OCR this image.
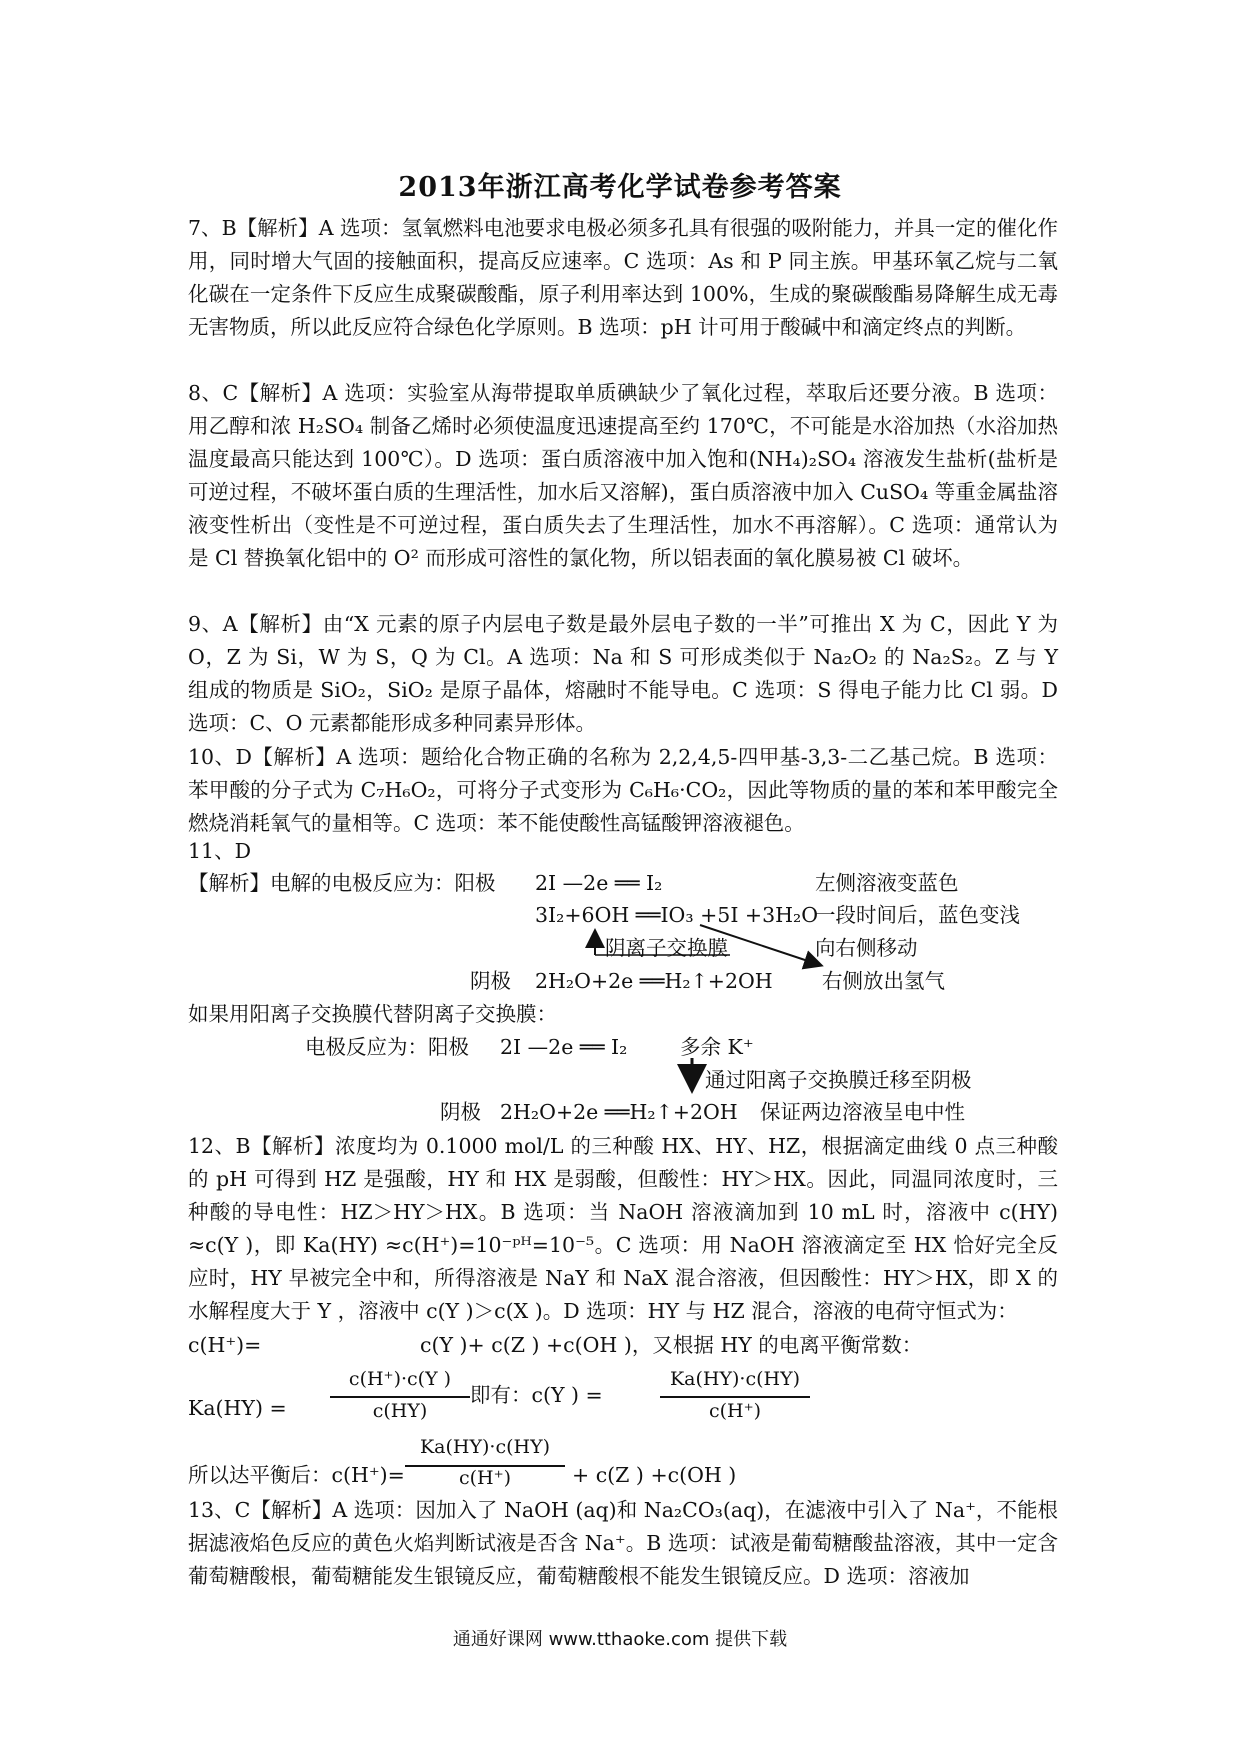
2013年浙江高考化学试卷参考答案

7、B【解析】A 选项：氢氧燃料电池要求电极必须多孔具有很强的吸附能力，并具一定的催化作用，同时增大气固的接触面积，提高反应速率。C 选项：As 和 P 同主族。甲基环氧乙烷与二氧化碳在一定条件下反应生成聚碳酸酯，原子利用率达到 100%，生成的聚碳酸酯易降解生成无毒无害物质，所以此反应符合绿色化学原则。B 选项：pH 计可用于酸碱中和滴定终点的判断。

8、C【解析】A 选项：实验室从海带提取单质碘缺少了氧化过程，萃取后还要分液。B 选项：用乙醇和浓 H₂SO₄ 制备乙烯时必须使温度迅速提高至约 170℃，不可能是水浴加热（水浴加热温度最高只能达到 100℃）。D 选项：蛋白质溶液中加入饱和(NH₄)₂SO₄ 溶液发生盐析(盐析是可逆过程，不破坏蛋白质的生理活性，加水后又溶解)，蛋白质溶液中加入 CuSO₄ 等重金属盐溶液变性析出（变性是不可逆过程，蛋白质失去了生理活性，加水不再溶解）。C 选项：通常认为是 Cl 替换氧化铝中的 O² 而形成可溶性的氯化物，所以铝表面的氧化膜易被 Cl 破坏。

9、A【解析】由“X 元素的原子内层电子数是最外层电子数的一半”可推出 X 为 C，因此 Y 为 O，Z 为 Si，W 为 S，Q 为 Cl。A 选项：Na 和 S 可形成类似于 Na₂O₂ 的 Na₂S₂。Z 与 Y 组成的物质是 SiO₂，SiO₂ 是原子晶体，熔融时不能导电。C 选项：S 得电子能力比 Cl 弱。D 选项：C、O 元素都能形成多种同素异形体。

10、D【解析】A 选项：题给化合物正确的名称为 2,2,4,5-四甲基-3,3-二乙基己烷。B 选项：苯甲酸的分子式为 C₇H₆O₂，可将分子式变形为 C₆H₆·CO₂，因此等物质的量的苯和苯甲酸完全燃烧消耗氧气的量相等。C 选项：苯不能使酸性高锰酸钾溶液褪色。

11、D
【解析】电解的电极反应为：阳极 2I —2e ══ I₂	左侧溶液变蓝色
3I₂+6OH ══IO₃ +5I +3H₂O
一段时间后，蓝色变浅
阴离子交换膜	向右侧移动
阴极 2H₂O+2e ══H₂↑+2OH 右侧放出氢气
如果用阳离子交换膜代替阴离子交换膜：
电极反应为：阳极 2I —2e ══ I₂	多余 K⁺
通过阳离子交换膜迁移至阴极
阴极 2H₂O+2e ══H₂↑+2OH 保证两边溶液呈电中性

12、B【解析】浓度均为 0.1000 mol/L 的三种酸 HX、HY、HZ，根据滴定曲线 0 点三种酸的 pH 可得到 HZ 是强酸，HY 和 HX 是弱酸，但酸性：HY＞HX。因此，同温同浓度时，三种酸的导电性：HZ＞HY＞HX。B 选项：当 NaOH 溶液滴加到 10 mL 时，溶液中 c(HY) ≈c(Y )，即 Ka(HY) ≈c(H⁺)=10⁻ᵖᴴ=10⁻⁵。C 选项：用 NaOH 溶液滴定至 HX 恰好完全反应时，HY 早被完全中和，所得溶液是 NaY 和 NaX 混合溶液，但因酸性：HY＞HX，即 X 的水解程度大于 Y ，溶液中 c(Y )＞c(X )。D 选项：HY 与 HZ 混合，溶液的电荷守恒式为：

c(H⁺)=	c(Y )+ c(Z ) +c(OH )，又根据 HY 的电离平衡常数：
Ka(HY) =
c(H⁺)·c(Y )
c(HY)
即有：c(Y ) =
Ka(HY)·c(HY)
c(H⁺)
所以达平衡后：c(H⁺)=
Ka(HY)·c(HY)
c(H⁺)	+ c(Z ) +c(OH )

13、C【解析】A 选项：因加入了 NaOH (aq)和 Na₂CO₃(aq)，在滤液中引入了 Na⁺，不能根据滤液焰色反应的黄色火焰判断试液是否含 Na⁺。B 选项：试液是葡萄糖酸盐溶液，其中一定含葡萄糖酸根，葡萄糖能发生银镜反应，葡萄糖酸根不能发生银镜反应。D 选项：溶液加

通通好课网 www.tthaoke.com 提供下载
